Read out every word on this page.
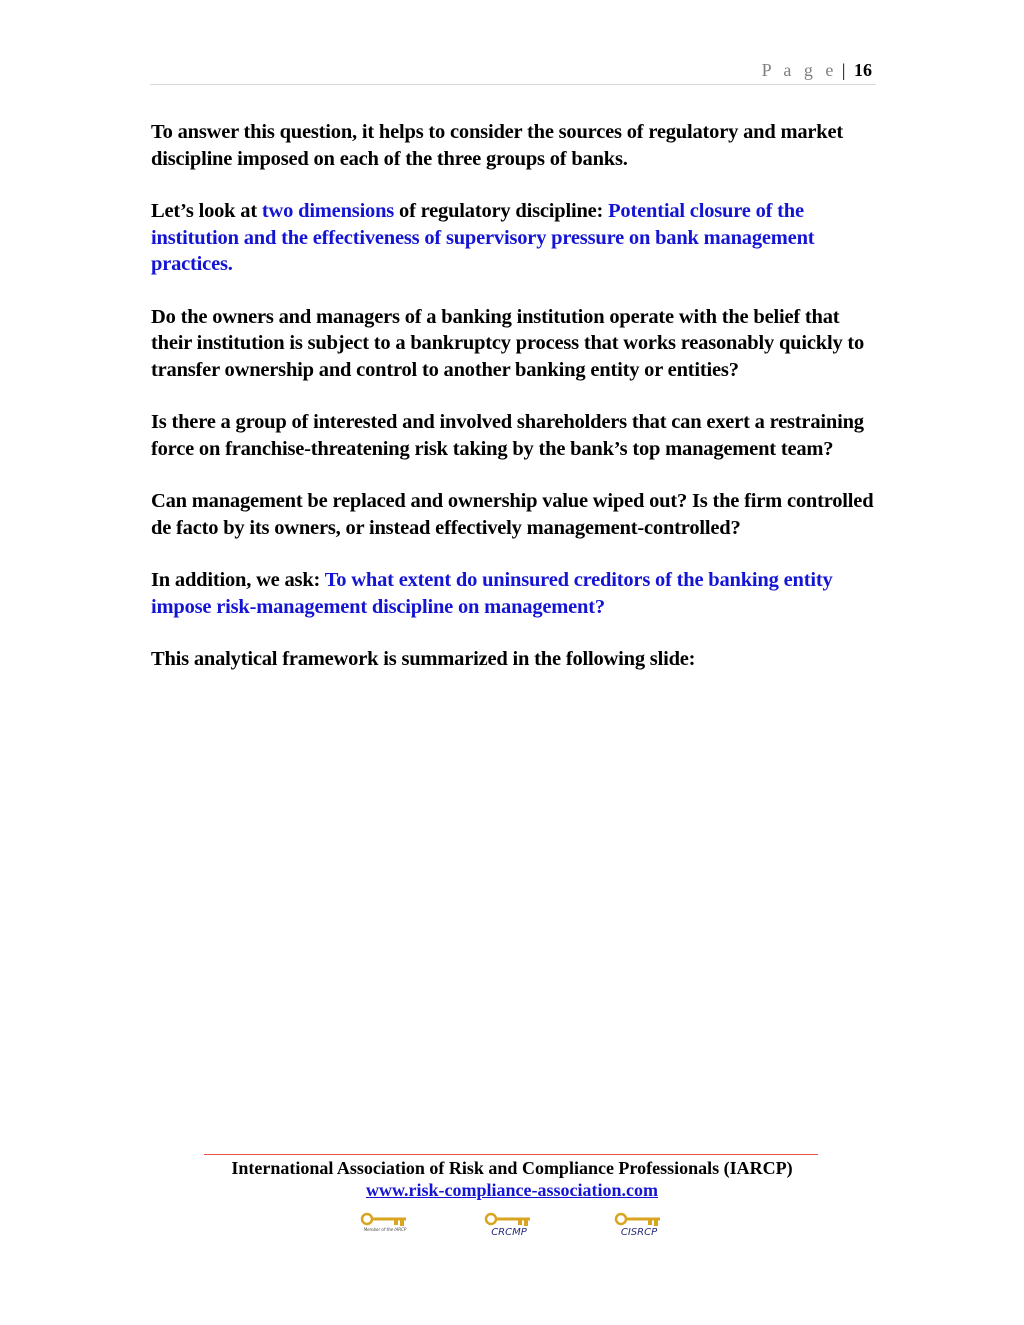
P a g e | 16

To answer this question, it helps to consider the sources of regulatory and market discipline imposed on each of the three groups of banks.

Let’s look at two dimensions of regulatory discipline: Potential closure of the institution and the effectiveness of supervisory pressure on bank management practices.

Do the owners and managers of a banking institution operate with the belief that their institution is subject to a bankruptcy process that works reasonably quickly to transfer ownership and control to another banking entity or entities?

Is there a group of interested and involved shareholders that can exert a restraining force on franchise-threatening risk taking by the bank’s top management team?

Can management be replaced and ownership value wiped out? Is the firm controlled de facto by its owners, or instead effectively management-controlled?

In addition, we ask: To what extent do uninsured creditors of the banking entity impose risk-management discipline on management?

This analytical framework is summarized in the following slide:

International Association of Risk and Compliance Professionals (IARCP)
www.risk-compliance-association.com
Member of the IARCP	CRCMP	CISRCP
